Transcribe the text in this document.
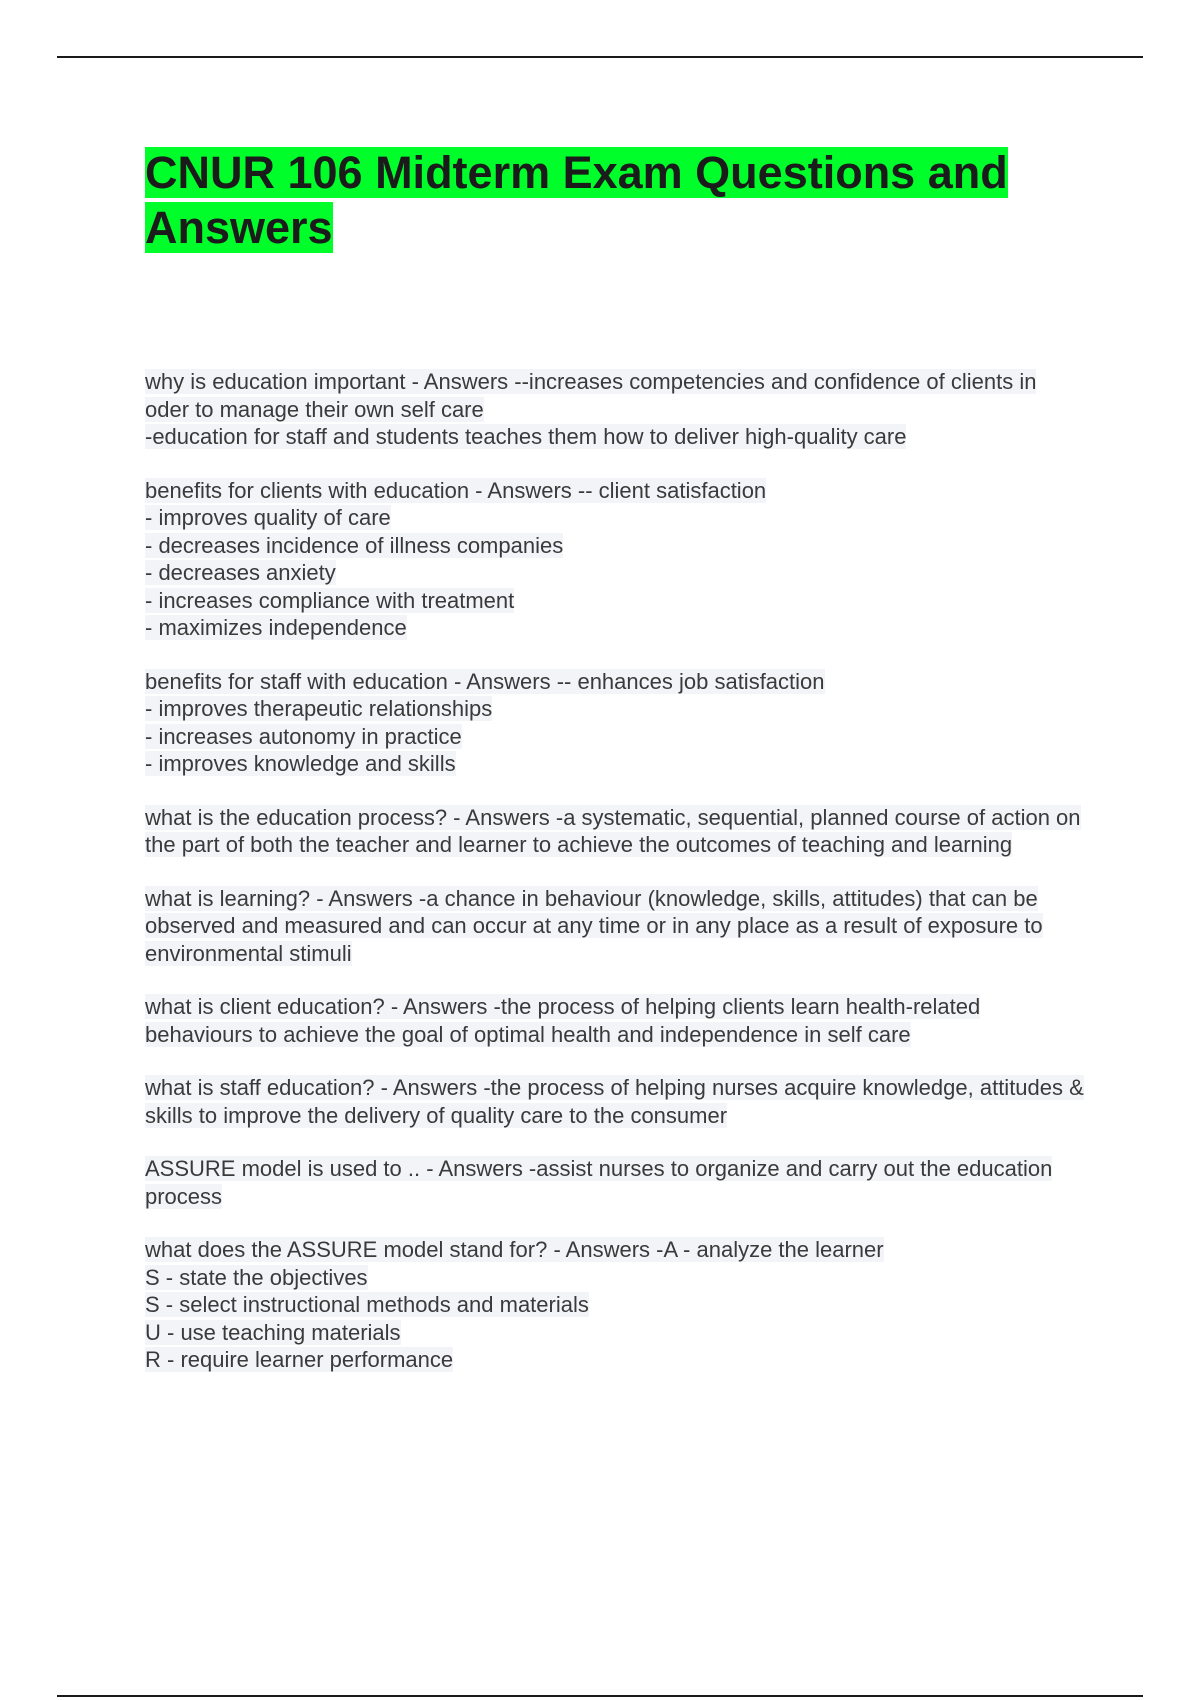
CNUR 106 Midterm Exam Questions and Answers

why is education important - Answers --increases competencies and confidence of clients in oder to manage their own self care
-education for staff and students teaches them how to deliver high-quality care

benefits for clients with education - Answers -- client satisfaction
- improves quality of care
- decreases incidence of illness companies
- decreases anxiety
- increases compliance with treatment
- maximizes independence

benefits for staff with education - Answers -- enhances job satisfaction
- improves therapeutic relationships
- increases autonomy in practice
- improves knowledge and skills

what is the education process? - Answers -a systematic, sequential, planned course of action on the part of both the teacher and learner to achieve the outcomes of teaching and learning

what is learning? - Answers -a chance in behaviour (knowledge, skills, attitudes) that can be observed and measured and can occur at any time or in any place as a result of exposure to environmental stimuli

what is client education? - Answers -the process of helping clients learn health-related behaviours to achieve the goal of optimal health and independence in self care

what is staff education? - Answers -the process of helping nurses acquire knowledge, attitudes & skills to improve the delivery of quality care to the consumer

ASSURE model is used to .. - Answers -assist nurses to organize and carry out the education process

what does the ASSURE model stand for? - Answers -A - analyze the learner
S - state the objectives
S - select instructional methods and materials
U - use teaching materials
R - require learner performance
